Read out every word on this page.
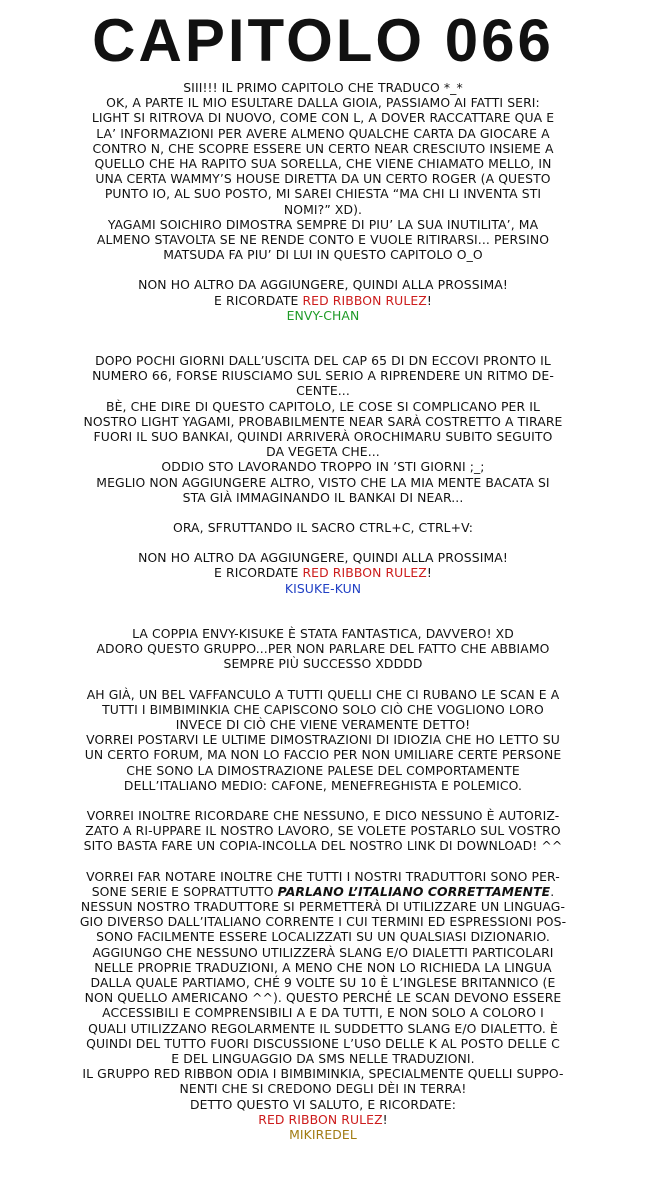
CAPITOLO 066

SIII!!! IL PRIMO CAPITOLO CHE TRADUCO *_*

OK, A PARTE IL MIO ESULTARE DALLA GIOIA, PASSIAMO AI FATTI SERI:

LIGHT SI RITROVA DI NUOVO, COME CON L, A DOVER RACCATTARE QUA E

LA’ INFORMAZIONI PER AVERE ALMENO QUALCHE CARTA DA GIOCARE A

CONTRO N, CHE SCOPRE ESSERE UN CERTO NEAR CRESCIUTO INSIEME A

QUELLO CHE HA RAPITO SUA SORELLA, CHE VIENE CHIAMATO MELLO, IN

UNA CERTA WAMMY’S HOUSE DIRETTA DA UN CERTO ROGER (A QUESTO

PUNTO IO, AL SUO POSTO, MI SAREI CHIESTA “MA CHI LI INVENTA STI

NOMI?” XD).

YAGAMI SOICHIRO DIMOSTRA SEMPRE DI PIU’ LA SUA INUTILITA’, MA

ALMENO STAVOLTA SE NE RENDE CONTO E VUOLE RITIRARSI... PERSINO

MATSUDA FA PIU’ DI LUI IN QUESTO CAPITOLO O_O

NON HO ALTRO DA AGGIUNGERE, QUINDI ALLA PROSSIMA!

E RICORDATE RED RIBBON RULEZ!

ENVY-CHAN

DOPO POCHI GIORNI DALL’USCITA DEL CAP 65 DI DN ECCOVI PRONTO IL

NUMERO 66, FORSE RIUSCIAMO SUL SERIO A RIPRENDERE UN RITMO DE-

CENTE...

BÈ, CHE DIRE DI QUESTO CAPITOLO, LE COSE SI COMPLICANO PER IL

NOSTRO LIGHT YAGAMI, PROBABILMENTE NEAR SARÀ COSTRETTO A TIRARE

FUORI IL SUO BANKAI, QUINDI ARRIVERÀ OROCHIMARU SUBITO SEGUITO

DA VEGETA CHE...

ODDIO STO LAVORANDO TROPPO IN ’STI GIORNI ;_;

MEGLIO NON AGGIUNGERE ALTRO, VISTO CHE LA MIA MENTE BACATA SI

STA GIÀ IMMAGINANDO IL BANKAI DI NEAR...

ORA, SFRUTTANDO IL SACRO CTRL+C, CTRL+V:

NON HO ALTRO DA AGGIUNGERE, QUINDI ALLA PROSSIMA!

E RICORDATE RED RIBBON RULEZ!

KISUKE-KUN

LA COPPIA ENVY-KISUKE È STATA FANTASTICA, DAVVERO! XD

ADORO QUESTO GRUPPO...PER NON PARLARE DEL FATTO CHE ABBIAMO

SEMPRE PIÙ SUCCESSO XDDDD

AH GIÀ, UN BEL VAFFANCULO A TUTTI QUELLI CHE CI RUBANO LE SCAN E A

TUTTI I BIMBIMINKIA CHE CAPISCONO SOLO CIÒ CHE VOGLIONO LORO

INVECE DI CIÒ CHE VIENE VERAMENTE DETTO!

VORREI POSTARVI LE ULTIME DIMOSTRAZIONI DI IDIOZIA CHE HO LETTO SU

UN CERTO FORUM, MA NON LO FACCIO PER NON UMILIARE CERTE PERSONE

CHE SONO LA DIMOSTRAZIONE PALESE DEL COMPORTAMENTE

DELL’ITALIANO MEDIO: CAFONE, MENEFREGHISTA E POLEMICO.

VORREI INOLTRE RICORDARE CHE NESSUNO, E DICO NESSUNO È AUTORIZ-

ZATO A RI-UPPARE IL NOSTRO LAVORO, SE VOLETE POSTARLO SUL VOSTRO

SITO BASTA FARE UN COPIA-INCOLLA DEL NOSTRO LINK DI DOWNLOAD! ^^

VORREI FAR NOTARE INOLTRE CHE TUTTI I NOSTRI TRADUTTORI SONO PER-

SONE SERIE E SOPRATTUTTO PARLANO L’ITALIANO CORRETTAMENTE.

NESSUN NOSTRO TRADUTTORE SI PERMETTERÀ DI UTILIZZARE UN LINGUAG-

GIO DIVERSO DALL’ITALIANO CORRENTE I CUI TERMINI ED ESPRESSIONI POS-

SONO FACILMENTE ESSERE LOCALIZZATI SU UN QUALSIASI DIZIONARIO.

AGGIUNGO CHE NESSUNO UTILIZZERÀ SLANG E/O DIALETTI PARTICOLARI

NELLE PROPRIE TRADUZIONI, A MENO CHE NON LO RICHIEDA LA LINGUA

DALLA QUALE PARTIAMO, CHÉ 9 VOLTE SU 10 È L’INGLESE BRITANNICO (E

NON QUELLO AMERICANO ^^). QUESTO PERCHÉ LE SCAN DEVONO ESSERE

ACCESSIBILI E COMPRENSIBILI A E DA TUTTI, E NON SOLO A COLORO I

QUALI UTILIZZANO REGOLARMENTE IL SUDDETTO SLANG E/O DIALETTO. È

QUINDI DEL TUTTO FUORI DISCUSSIONE L’USO DELLE K AL POSTO DELLE C

E DEL LINGUAGGIO DA SMS NELLE TRADUZIONI.

IL GRUPPO RED RIBBON ODIA I BIMBIMINKIA, SPECIALMENTE QUELLI SUPPO-

NENTI CHE SI CREDONO DEGLI DÈI IN TERRA!

DETTO QUESTO VI SALUTO, E RICORDATE:

RED RIBBON RULEZ!

MIKIREDEL
